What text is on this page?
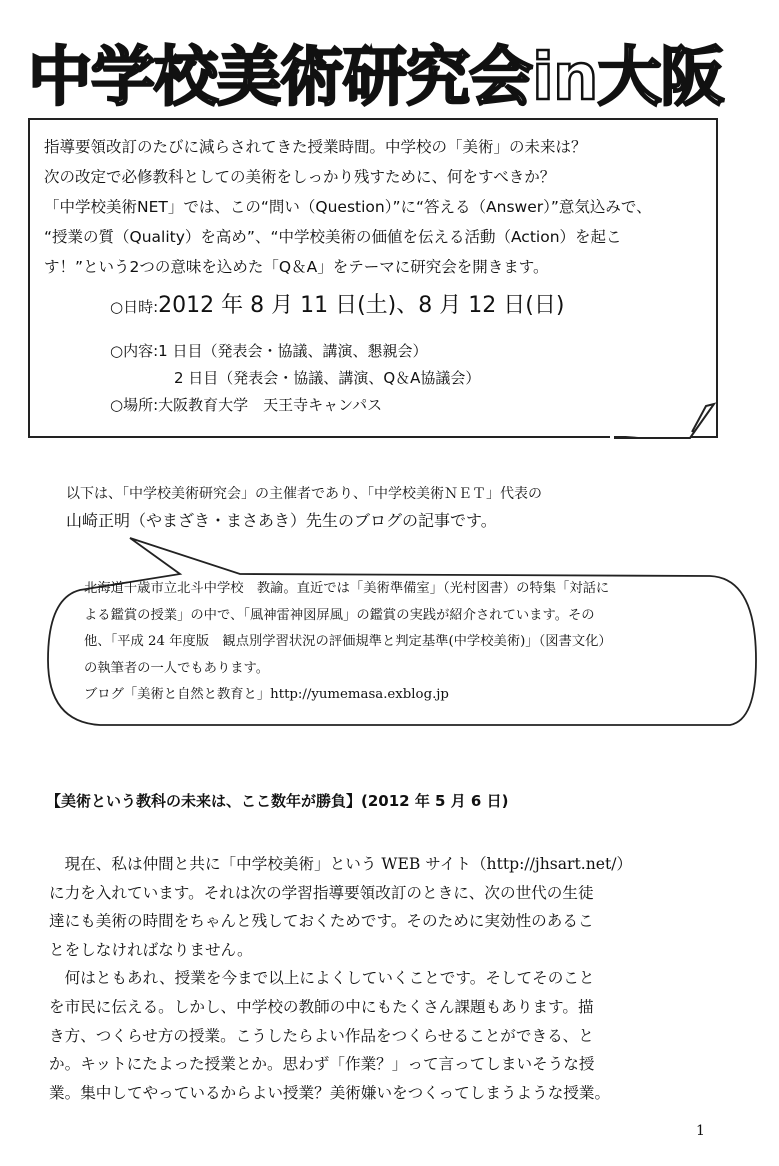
中学校美術研究会in大阪
指導要領改訂のたびに減らされてきた授業時間。中学校の「美術」の未来は？
次の改定で必修教科としての美術をしっかり残すために、何をすべきか？
「中学校美術NET」では、この“問い（Question）”に“答える（Answer）”意気込みで、
“授業の質（Quality）を高め”、“中学校美術の価値を伝える活動（Action）を起こ
す！”という2つの意味を込めた「Q＆A」をテーマに研究会を開きます。
○日時:2012 年 8 月 11 日(土)、8 月 12 日(日)
○内容:1 日目（発表会・協議、講演、懇親会）
2 日目（発表会・協議、講演、Q＆A協議会）
○場所:大阪教育大学　天王寺キャンパス
以下は、「中学校美術研究会」の主催者であり、「中学校美術ＮＥＴ」代表の
山崎正明（やまざき・まさあき）先生のブログの記事です。
北海道千歳市立北斗中学校　教諭。直近では「美術準備室」（光村図書）の特集「対話に
よる鑑賞の授業」の中で、「風神雷神図屏風」の鑑賞の実践が紹介されています。その
他、「平成 24 年度版　観点別学習状況の評価規準と判定基準(中学校美術)」（図書文化）
の執筆者の一人でもあります。
ブログ「美術と自然と教育と」http://yumemasa.exblog.jp
【美術という教科の未来は、ここ数年が勝負】(2012 年 5 月 6 日)
　現在、私は仲間と共に「中学校美術」という WEB サイト（http://jhsart.net/）
に力を入れています。それは次の学習指導要領改訂のときに、次の世代の生徒
達にも美術の時間をちゃんと残しておくためです。そのために実効性のあるこ
とをしなければなりません。
　何はともあれ、授業を今まで以上によくしていくことです。そしてそのこと
を市民に伝える。しかし、中学校の教師の中にもたくさん課題もあります。描
き方、つくらせ方の授業。こうしたらよい作品をつくらせることができる、と
か。キットにたよった授業とか。思わず「作業？」って言ってしまいそうな授
業。集中してやっているからよい授業？美術嫌いをつくってしまうような授業。
1
